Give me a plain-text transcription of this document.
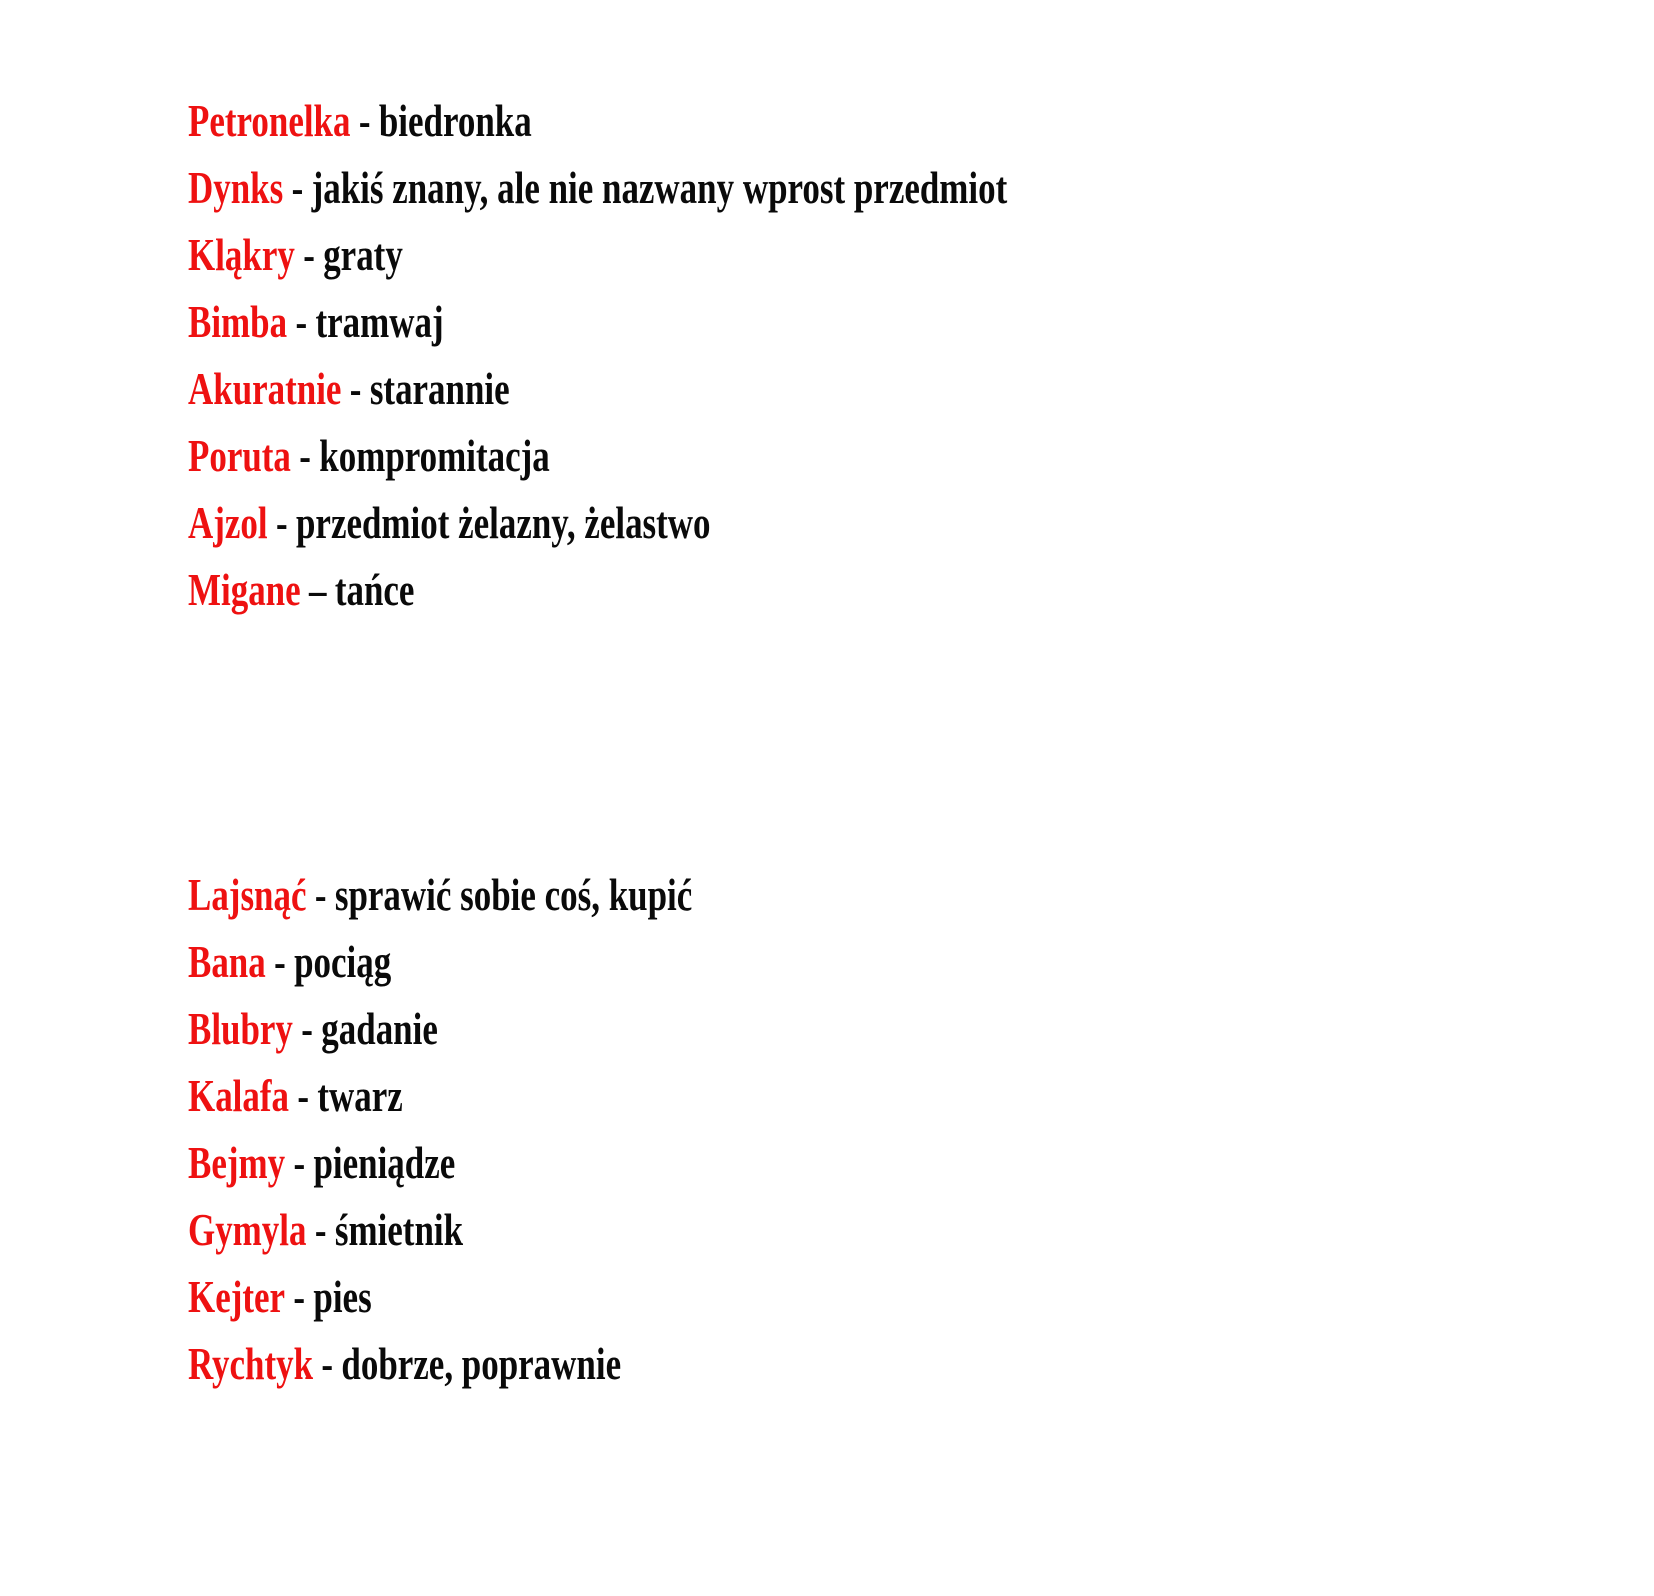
Petronelka - biedronka

Dynks - jakiś znany, ale nie nazwany wprost przedmiot

Kląkry - graty

Bimba - tramwaj

Akuratnie - starannie

Poruta - kompromitacja

Ajzol - przedmiot żelazny, żelastwo

Migane – tańce

Lajsnąć - sprawić sobie coś, kupić

Bana - pociąg

Blubry - gadanie

Kalafa - twarz

Bejmy - pieniądze

Gymyla - śmietnik

Kejter - pies

Rychtyk - dobrze, poprawnie
